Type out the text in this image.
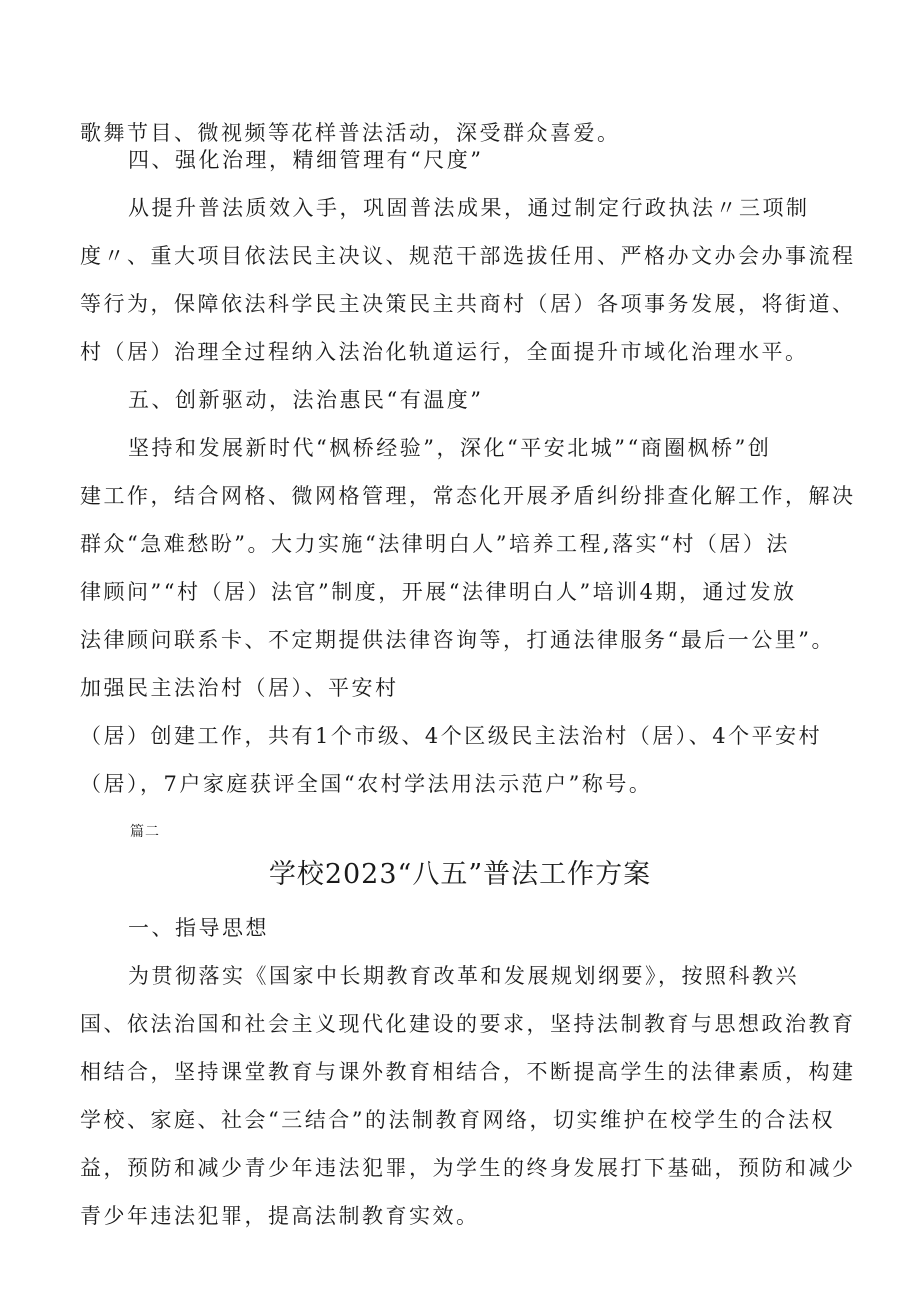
歌舞节目、微视频等花样普法活动，深受群众喜爱。

四、强化治理，精细管理有“尺度”

从提升普法质效入手，巩固普法成果，通过制定行政执法〃三项制

度〃、重大项目依法民主决议、规范干部选拔任用、严格办文办会办事流程

等行为，保障依法科学民主决策民主共商村（居）各项事务发展，将街道、

村（居）治理全过程纳入法治化轨道运行，全面提升市域化治理水平。

五、创新驱动，法治惠民“有温度”

坚持和发展新时代“枫桥经验”，深化“平安北城”“商圈枫桥”创

建工作，结合网格、微网格管理，常态化开展矛盾纠纷排查化解工作，解决

群众“急难愁盼”。大力实施“法律明白人”培养工程,落实“村（居）法

律顾问”“村（居）法官”制度，开展“法律明白人”培训4期，通过发放

法律顾问联系卡、不定期提供法律咨询等，打通法律服务“最后一公里”。

加强民主法治村（居）、平安村

（居）创建工作，共有1个市级、4个区级民主法治村（居）、4个平安村

（居），7户家庭获评全国“农村学法用法示范户”称号。

篇二

学校2023“八五”普法工作方案

一、指导思想

为贯彻落实《国家中长期教育改革和发展规划纲要》，按照科教兴

国、依法治国和社会主义现代化建设的要求，坚持法制教育与思想政治教育

相结合，坚持课堂教育与课外教育相结合，不断提高学生的法律素质，构建

学校、家庭、社会“三结合”的法制教育网络，切实维护在校学生的合法权

益，预防和减少青少年违法犯罪，为学生的终身发展打下基础，预防和减少

青少年违法犯罪，提高法制教育实效。
